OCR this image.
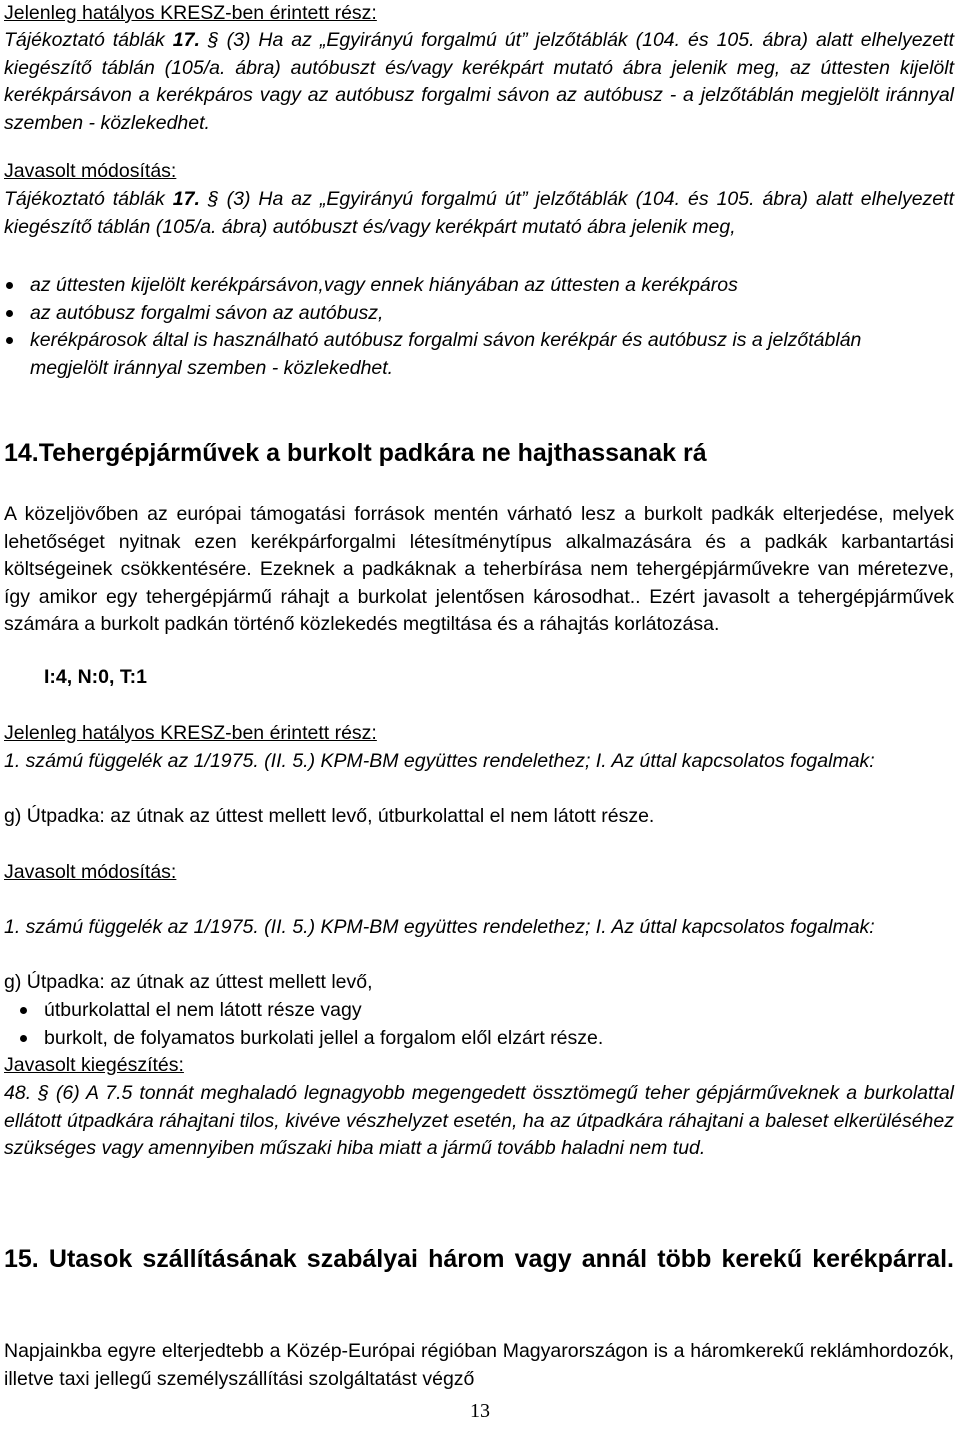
Jelenleg hatályos KRESZ-ben érintett rész:

Tájékoztató táblák 17. § (3) Ha az „Egyirányú forgalmú út” jelzőtáblák (104. és 105. ábra) alatt elhelyezett kiegészítő táblán (105/a. ábra) autóbuszt és/vagy kerékpárt mutató ábra jelenik meg, az úttesten kijelölt kerékpársávon a kerékpáros vagy az autóbusz forgalmi sávon az autóbusz - a jelzőtáblán megjelölt iránnyal szemben - közlekedhet.

Javasolt módosítás:

Tájékoztató táblák 17. § (3) Ha az „Egyirányú forgalmú út” jelzőtáblák (104. és 105. ábra) alatt elhelyezett kiegészítő táblán (105/a. ábra) autóbuszt és/vagy kerékpárt mutató ábra jelenik meg,

az úttesten kijelölt kerékpársávon,vagy ennek hiányában az úttesten a kerékpáros
az autóbusz forgalmi sávon az autóbusz,
kerékpárosok által is használható autóbusz forgalmi sávon kerékpár és autóbusz is a jelzőtáblán megjelölt iránnyal szemben - közlekedhet.

14.Tehergépjárművek a burkolt padkára ne hajthassanak rá

A közeljövőben az európai támogatási források mentén várható lesz a burkolt padkák elterjedése, melyek lehetőséget nyitnak ezen kerékpárforgalmi létesítménytípus alkalmazására és a padkák karbantartási költségeinek csökkentésére. Ezeknek a padkáknak a teherbírása nem tehergépjárművekre van méretezve, így amikor egy tehergépjármű ráhajt a burkolat jelentősen károsodhat.. Ezért javasolt a tehergépjárművek számára a burkolt padkán történő közlekedés megtiltása és a ráhajtás korlátozása.

I:4, N:0, T:1

Jelenleg hatályos KRESZ-ben érintett rész:

1. számú függelék az 1/1975. (II. 5.) KPM-BM együttes rendelethez; I. Az úttal kapcsolatos fogalmak:

g) Útpadka: az útnak az úttest mellett levő, útburkolattal el nem látott része.

Javasolt módosítás:

1. számú függelék az 1/1975. (II. 5.) KPM-BM együttes rendelethez; I. Az úttal kapcsolatos fogalmak:

g) Útpadka: az útnak az úttest mellett levő,

útburkolattal el nem látott része vagy
burkolt, de folyamatos burkolati jellel a forgalom elől elzárt része.

Javasolt kiegészítés:

48. § (6) A 7.5 tonnát meghaladó legnagyobb megengedett össztömegű teher gépjárműveknek a burkolattal ellátott útpadkára ráhajtani tilos, kivéve vészhelyzet esetén, ha az útpadkára ráhajtani a baleset elkerüléséhez szükséges vagy amennyiben műszaki hiba miatt a jármű tovább haladni nem tud.

15. Utasok szállításának szabályai három vagy annál több kerekű kerékpárral.

Napjainkba egyre elterjedtebb a Közép-Európai régióban Magyarországon is a háromkerekű reklámhordozók, illetve taxi jellegű személyszállítási szolgáltatást végző

13
